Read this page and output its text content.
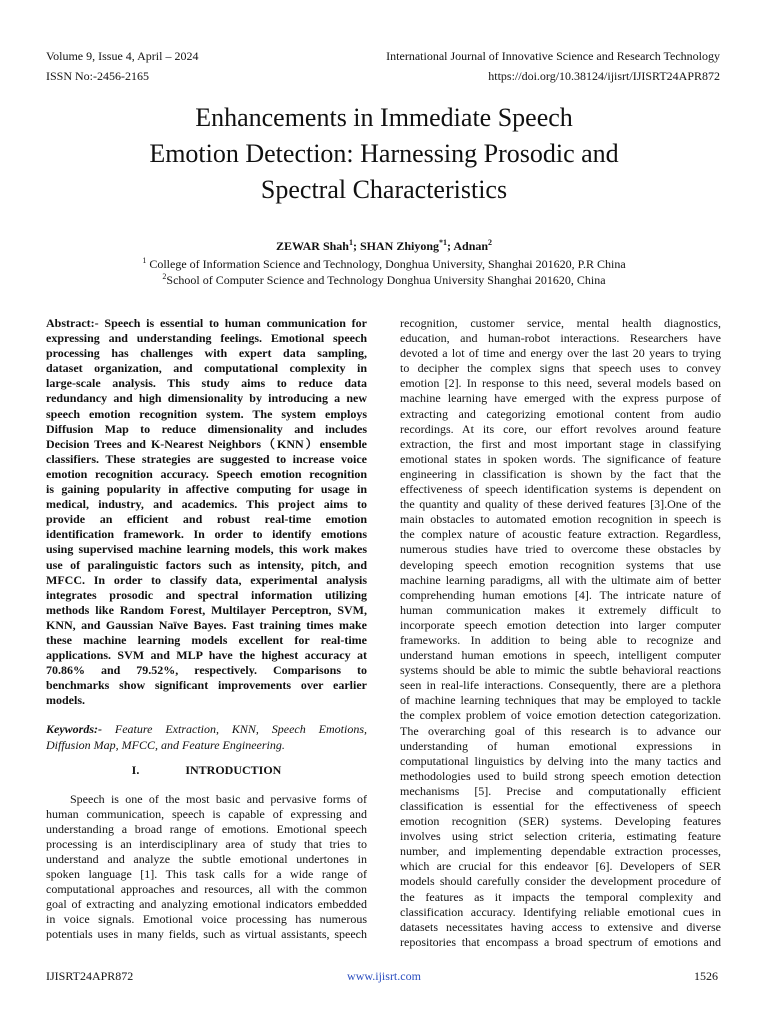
Volume 9, Issue 4, April – 2024	International Journal of Innovative Science and Research Technology
ISSN No:-2456-2165	https://doi.org/10.38124/ijisrt/IJISRT24APR872
Enhancements in Immediate Speech
Emotion Detection: Harnessing Prosodic and
Spectral Characteristics
ZEWAR Shah$^1$; SHAN Zhiyong$^{*1}$; Adnan$^2$
$^1$ College of Information Science and Technology, Donghua University, Shanghai 201620, P.R China
$^2$School of Computer Science and Technology Donghua University Shanghai 201620, China
Abstract:- Speech is essential to human communication for
expressing and understanding feelings. Emotional speech
processing has challenges with expert data sampling,
dataset organization, and computational complexity in
large-scale analysis. This study aims to reduce data
redundancy and high dimensionality by introducing a new
speech emotion recognition system. The system employs
Diffusion Map to reduce dimensionality and includes
Decision Trees and K-Nearest Neighbors（KNN）ensemble
classifiers. These strategies are suggested to increase voice
emotion recognition accuracy. Speech emotion recognition
is gaining popularity in affective computing for usage in
medical, industry, and academics. This project aims to
provide an efficient and robust real-time emotion
identification framework. In order to identify emotions
using supervised machine learning models, this work makes
use of paralinguistic factors such as intensity, pitch, and
MFCC. In order to classify data, experimental analysis
integrates prosodic and spectral information utilizing
methods like Random Forest, Multilayer Perceptron, SVM,
KNN, and Gaussian Naïve Bayes. Fast training times make
these machine learning models excellent for real-time
applications. SVM and MLP have the highest accuracy at
70.86% and 79.52%, respectively. Comparisons to
benchmarks show significant improvements over earlier
models.
Keywords:- Feature Extraction, KNN, Speech Emotions,
Diffusion Map, MFCC, and Feature Engineering.
I.	INTRODUCTION
Speech is one of the most basic and pervasive forms of
human communication, speech is capable of expressing and
understanding a broad range of emotions. Emotional speech
processing is an interdisciplinary area of study that tries to
understand and analyze the subtle emotional undertones in
spoken language [1]. This task calls for a wide range of
computational approaches and resources, all with the common
goal of extracting and analyzing emotional indicators embedded
in voice signals. Emotional voice processing has numerous
potentials uses in many fields, such as virtual assistants, speech
recognition, customer service, mental health diagnostics,
education, and human-robot interactions. Researchers have
devoted a lot of time and energy over the last 20 years to trying
to decipher the complex signs that speech uses to convey
emotion [2]. In response to this need, several models based on
machine learning have emerged with the express purpose of
extracting and categorizing emotional content from audio
recordings. At its core, our effort revolves around feature
extraction, the first and most important stage in classifying
emotional states in spoken words. The significance of feature
engineering in classification is shown by the fact that the
effectiveness of speech identification systems is dependent on
the quantity and quality of these derived features [3].One of the
main obstacles to automated emotion recognition in speech is
the complex nature of acoustic feature extraction. Regardless,
numerous studies have tried to overcome these obstacles by
developing speech emotion recognition systems that use
machine learning paradigms, all with the ultimate aim of better
comprehending human emotions [4]. The intricate nature of
human communication makes it extremely difficult to
incorporate speech emotion detection into larger computer
frameworks. In addition to being able to recognize and
understand human emotions in speech, intelligent computer
systems should be able to mimic the subtle behavioral reactions
seen in real-life interactions. Consequently, there are a plethora
of machine learning techniques that may be employed to tackle
the complex problem of voice emotion detection categorization.
The overarching goal of this research is to advance our
understanding of human emotional expressions in
computational linguistics by delving into the many tactics and
methodologies used to build strong speech emotion detection
mechanisms [5]. Precise and computationally efficient
classification is essential for the effectiveness of speech
emotion recognition (SER) systems. Developing features
involves using strict selection criteria, estimating feature
number, and implementing dependable extraction processes,
which are crucial for this endeavor [6]. Developers of SER
models should carefully consider the development procedure of
the features as it impacts the temporal complexity and
classification accuracy. Identifying reliable emotional cues in
datasets necessitates having access to extensive and diverse
repositories that encompass a broad spectrum of emotions and
IJISRT24APR872	www.ijisrt.com	1526
